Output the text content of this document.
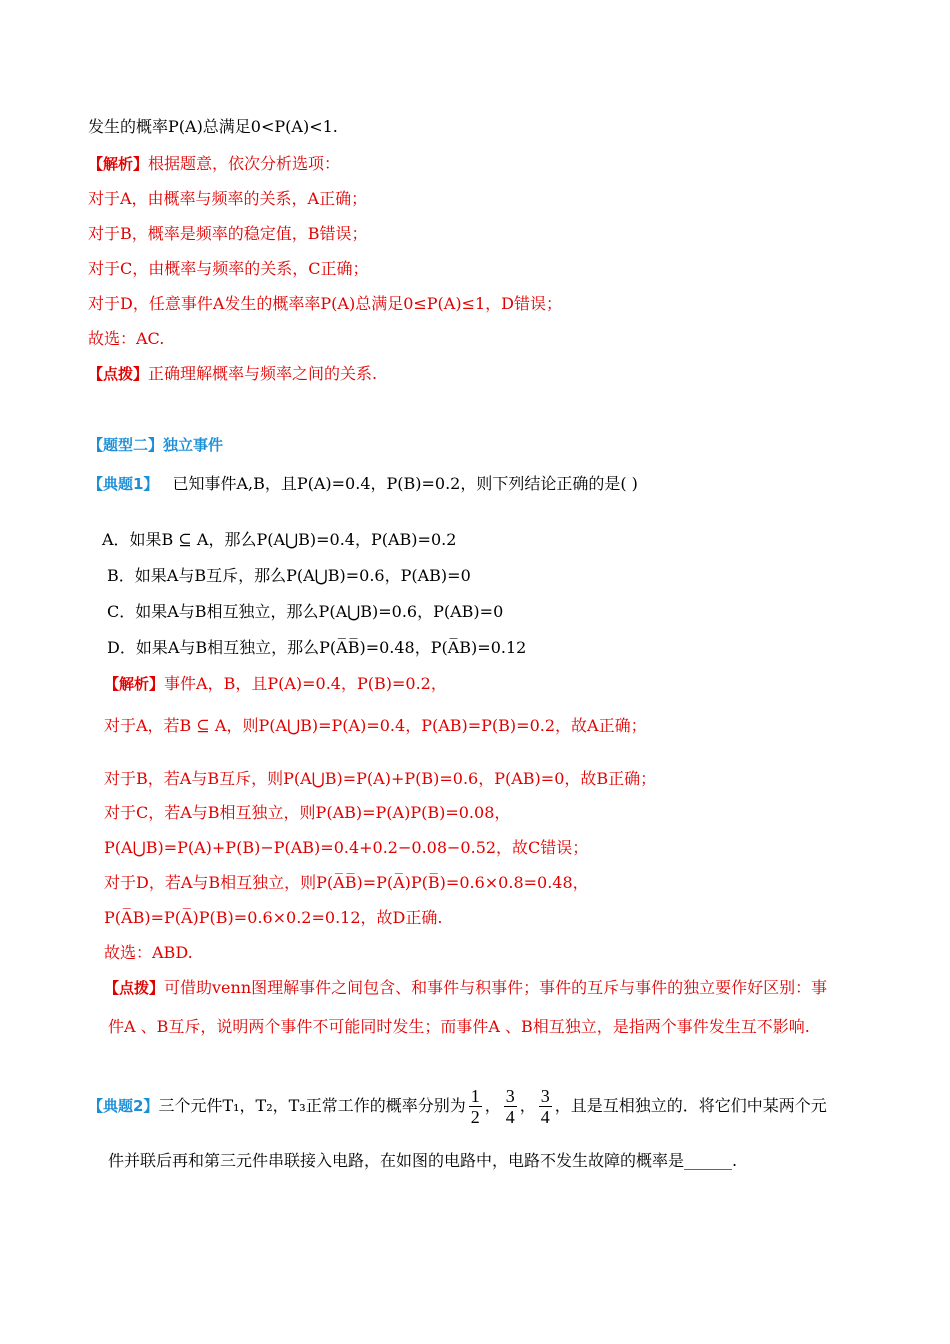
发生的概率P(A)总满足0<P(A)<1.
【解析】根据题意，依次分析选项：
对于A，由概率与频率的关系，A正确；
对于B，概率是频率的稳定值，B错误；
对于C，由概率与频率的关系，C正确；
对于D，任意事件A发生的概率率P(A)总满足0≤P(A)≤1，D错误；
故选：AC.
【点拨】正确理解概率与频率之间的关系.
【题型二】独立事件
【典题1】 已知事件A,B，且P(A)=0.4，P(B)=0.2，则下列结论正确的是( )
A．如果B ⊆ A，那么P(A⋃B)=0.4，P(AB)=0.2
B．如果A与B互斥，那么P(A⋃B)=0.6，P(AB)=0
C．如果A与B相互独立，那么P(A⋃B)=0.6，P(AB)=0
D．如果A与B相互独立，那么P(A̅B̅)=0.48，P(A̅B)=0.12
【解析】事件A，B，且P(A)=0.4，P(B)=0.2，
对于A，若B ⊆ A，则P(A⋃B)=P(A)=0.4，P(AB)=P(B)=0.2，故A正确；
对于B，若A与B互斥，则P(A⋃B)=P(A)+P(B)=0.6，P(AB)=0，故B正确；
对于C，若A与B相互独立，则P(AB)=P(A)P(B)=0.08，
P(A⋃B)=P(A)+P(B)−P(AB)=0.4+0.2−0.08−0.52，故C错误；
对于D，若A与B相互独立，则P(A̅B̅)=P(A̅)P(B̅)=0.6×0.8=0.48，
P(A̅B)=P(A̅)P(B)=0.6×0.2=0.12，故D正确.
故选：ABD.
【点拨】可借助venn图理解事件之间包含、和事件与积事件；事件的互斥与事件的独立要作好区别：事
件A 、B互斥，说明两个事件不可能同时发生；而事件A 、B相互独立，是指两个事件发生互不影响.
【典题2】三个元件T₁，T₂，T₃正常工作的概率分别为 $\frac{1}{2}$ ， $\frac{3}{4}$ ， $\frac{3}{4}$ ，且是互相独立的．将它们中某两个元
件并联后再和第三元件串联接入电路，在如图的电路中，电路不发生故障的概率是______.
